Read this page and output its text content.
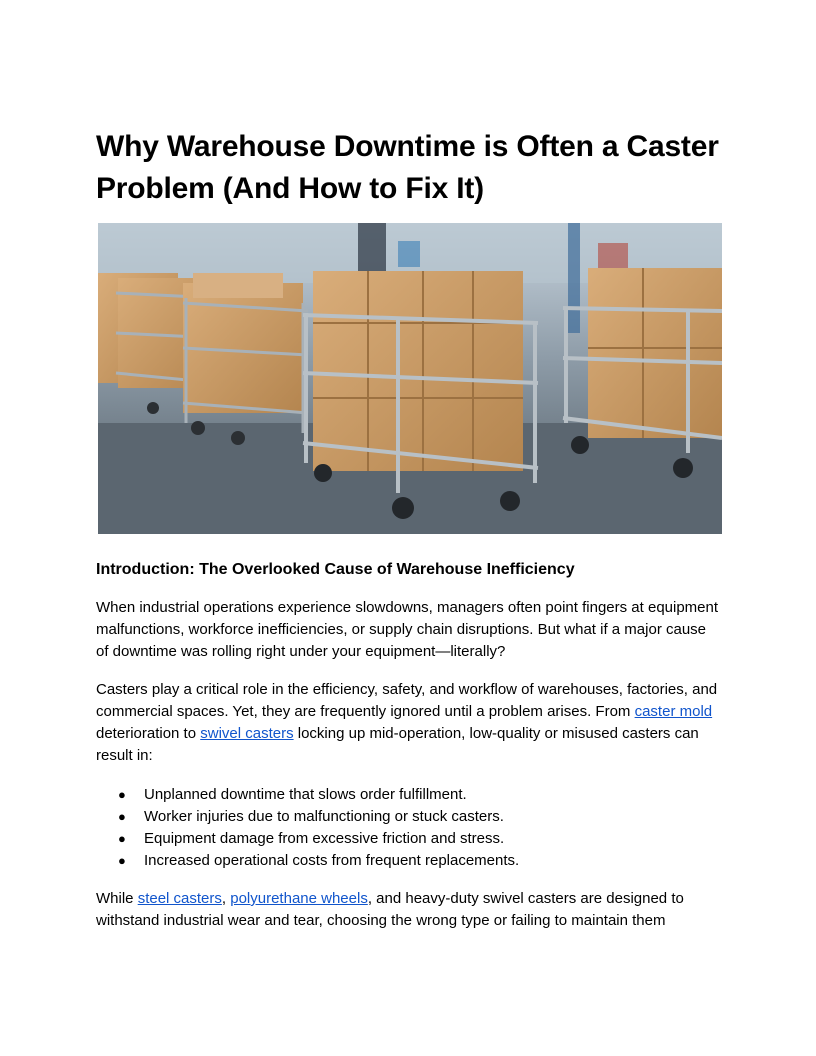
Why Warehouse Downtime is Often a Caster Problem (And How to Fix It)
Introduction: The Overlooked Cause of Warehouse Inefficiency

When industrial operations experience slowdowns, managers often point fingers at equipment malfunctions, workforce inefficiencies, or supply chain disruptions. But what if a major cause of downtime was rolling right under your equipment—literally?

Casters play a critical role in the efficiency, safety, and workflow of warehouses, factories, and commercial spaces. Yet, they are frequently ignored until a problem arises. From caster mold deterioration to swivel casters locking up mid-operation, low-quality or misused casters can result in:

● Unplanned downtime that slows order fulfillment.
● Worker injuries due to malfunctioning or stuck casters.
● Equipment damage from excessive friction and stress.
● Increased operational costs from frequent replacements.

While steel casters, polyurethane wheels, and heavy-duty swivel casters are designed to withstand industrial wear and tear, choosing the wrong type or failing to maintain them
